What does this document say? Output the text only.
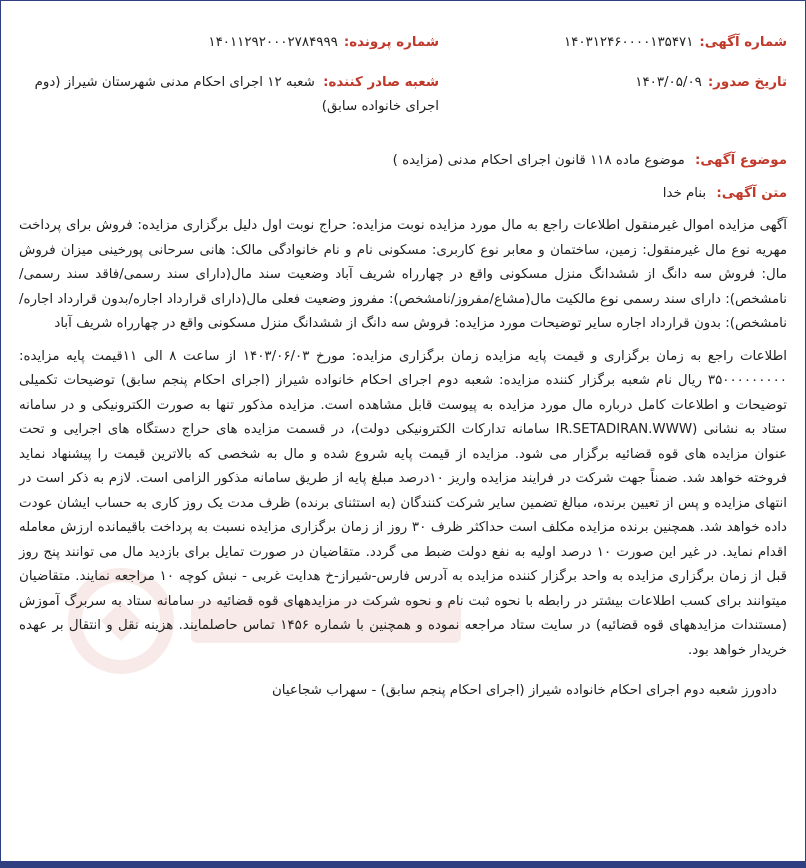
شماره آگهی:
۱۴۰۳۱۲۴۶۰۰۰۰۱۳۵۴۷۱
شماره پرونده:
۱۴۰۱۱۲۹۲۰۰۰۲۷۸۴۹۹۹
تاریخ صدور:
۱۴۰۳/۰۵/۰۹
شعبه صادر کننده: شعبه ۱۲ اجرای احکام مدنی شهرستان شیراز (دوم اجرای خانواده سابق)
موضوع آگهی: موضوع ماده ۱۱۸ قانون اجرای احکام مدنی (مزایده )
متن آگهی: بنام خدا
آگهی مزایده اموال غیرمنقول اطلاعات راجع به مال مورد مزایده نوبت مزایده: حراج نوبت اول دلیل برگزاری مزایده: فروش برای پرداخت مهریه نوع مال غیرمنقول: زمین، ساختمان و معابر نوع کاربری: مسکونی نام و نام خانوادگی مالک: هانی سرحانی پورخینی میزان فروش مال: فروش سه دانگ از ششدانگ منزل مسکونی واقع در چهارراه شریف آباد وضعیت سند مال(دارای سند رسمی/فاقد سند رسمی/نامشخص): دارای سند رسمی نوع مالکیت مال(مشاع/مفروز/نامشخص): مفروز وضعیت فعلی مال(دارای قرارداد اجاره/بدون قرارداد اجاره/نامشخص): بدون قرارداد اجاره سایر توضیحات مورد مزایده: فروش سه دانگ از ششدانگ منزل مسکونی واقع در چهارراه شریف آباد
اطلاعات راجع به زمان برگزاری و قیمت پایه مزایده زمان برگزاری مزایده: مورخ ۱۴۰۳/۰۶/۰۳ از ساعت ۸ الی ۱۱قیمت پایه مزایده: ۳۵۰۰۰۰۰۰۰۰۰ ریال نام شعبه برگزار کننده مزایده: شعبه دوم اجرای احکام خانواده شیراز (اجرای احکام پنجم سابق) توضیحات تکمیلی توضیحات و اطلاعات کامل درباره مال مورد مزایده به پیوست قابل مشاهده است. مزایده مذکور تنها به صورت الکترونیکی و در سامانه ستاد به نشانی (IR.SETADIRAN.WWW سامانه تدارکات الکترونیکی دولت)، در قسمت مزایده های حراج دستگاه های اجرایی و تحت عنوان مزایده های قوه قضائیه برگزار می شود. مزایده از قیمت پایه شروع شده و مال به شخصی که بالاترین قیمت را پیشنهاد نماید فروخته خواهد شد. ضمناً جهت شرکت در فرایند مزایده واریز ۱۰درصد مبلغ پایه از طریق سامانه مذکور الزامی است. لازم به ذکر است در انتهای مزایده و پس از تعیین برنده، مبالغ تضمین سایر شرکت کنندگان (به استثنای برنده) ظرف مدت یک روز کاری به حساب ایشان عودت داده خواهد شد. همچنین برنده مزایده مکلف است حداکثر ظرف ۳۰ روز از زمان برگزاری مزایده نسبت به پرداخت باقیمانده ارزش معامله اقدام نماید. در غیر این صورت ۱۰ درصد اولیه به نفع دولت ضبط می گردد. متقاضیان در صورت تمایل برای بازدید مال می توانند پنج روز قبل از زمان برگزاری مزایده به واحد برگزار کننده مزایده به آدرس فارس-شیراز-خ هدایت غربی - نبش کوچه ۱۰ مراجعه نمایند. متقاضیان میتوانند برای کسب اطلاعات بیشتر در رابطه با نحوه ثبت نام و نحوه شرکت در مزایدههای قوه قضائیه در سامانه ستاد به سربرگ آموزش (مستندات مزایدههای قوه قضائیه) در سایت ستاد مراجعه نموده و همچنین با شماره ۱۴۵۶ تماس حاصلمایند. هزینه نقل و انتقال بر عهده خریدار خواهد بود.
دادورز شعبه دوم اجرای احکام خانواده شیراز (اجرای احکام پنجم سابق) - سهراب شجاعیان
